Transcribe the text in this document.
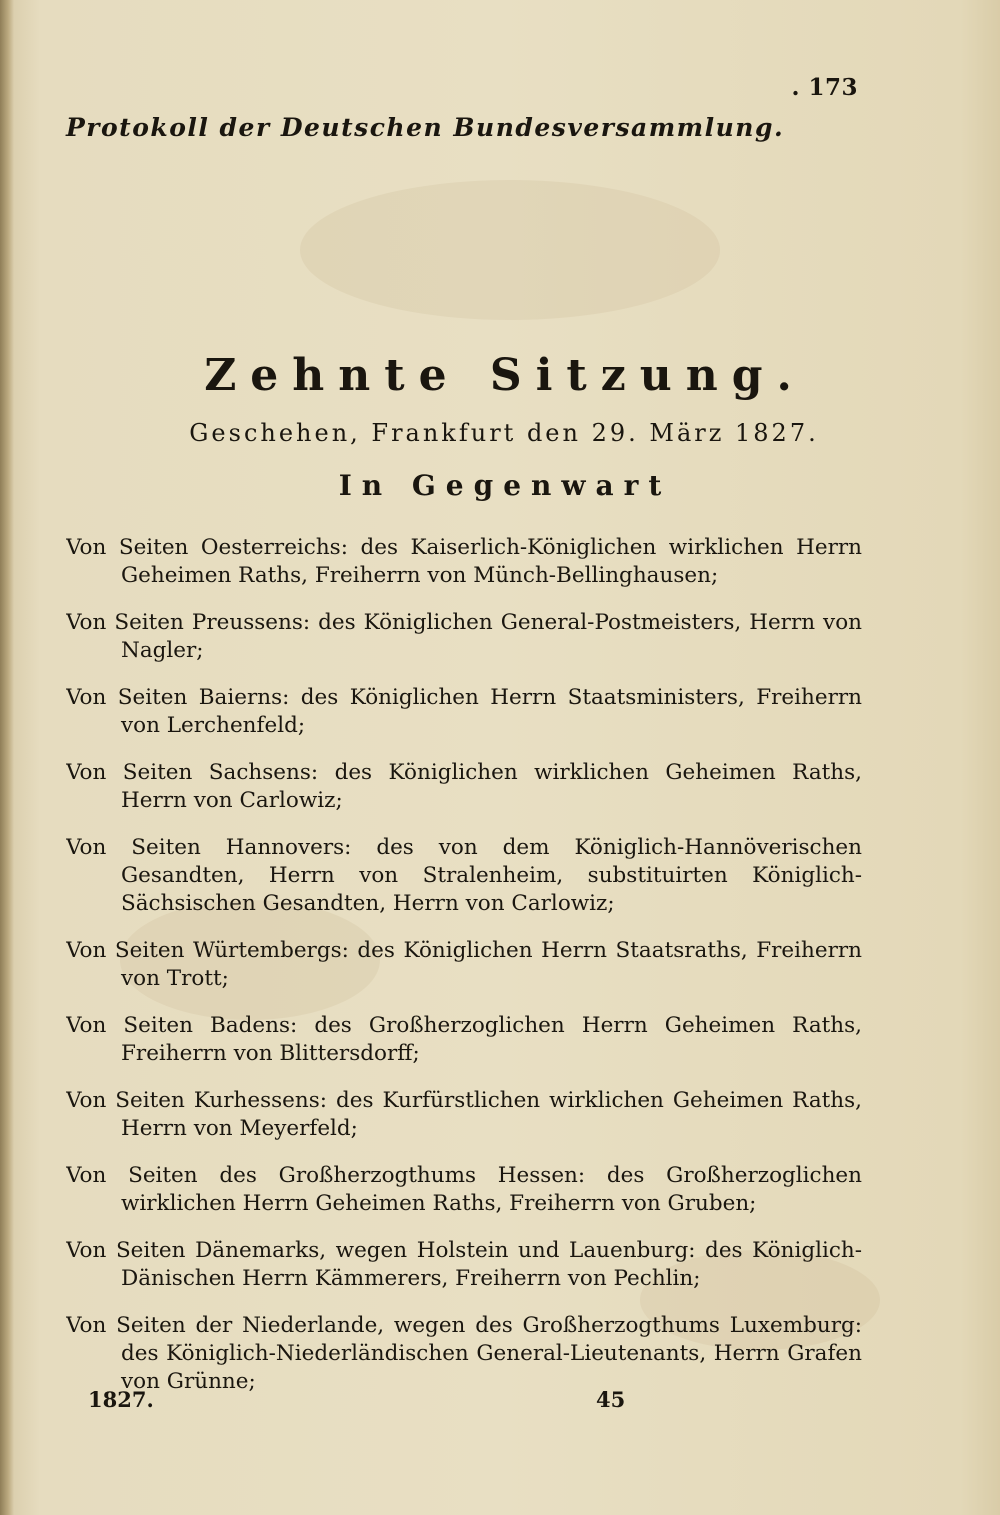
. 173
Protokoll der Deutschen Bundesversammlung.
Zehnte Sitzung.
Geschehen, Frankfurt den 29. März 1827.
In Gegenwart
Von Seiten Oesterreichs: des Kaiserlich-Königlichen wirklichen Herrn Geheimen Raths, Freiherrn von Münch-Bellinghausen;
Von Seiten Preussens: des Königlichen General-Postmeisters, Herrn von Nagler;
Von Seiten Baierns: des Königlichen Herrn Staatsministers, Freiherrn von Lerchenfeld;
Von Seiten Sachsens: des Königlichen wirklichen Geheimen Raths, Herrn von Carlowiz;
Von Seiten Hannovers: des von dem Königlich-Hannöverischen Gesandten, Herrn von Stralenheim, substituirten Königlich-Sächsischen Gesandten, Herrn von Carlowiz;
Von Seiten Würtembergs: des Königlichen Herrn Staatsraths, Freiherrn von Trott;
Von Seiten Badens: des Großherzoglichen Herrn Geheimen Raths, Freiherrn von Blittersdorff;
Von Seiten Kurhessens: des Kurfürstlichen wirklichen Geheimen Raths, Herrn von Meyerfeld;
Von Seiten des Großherzogthums Hessen: des Großherzoglichen wirklichen Herrn Geheimen Raths, Freiherrn von Gruben;
Von Seiten Dänemarks, wegen Holstein und Lauenburg: des Königlich-Dänischen Herrn Kämmerers, Freiherrn von Pechlin;
Von Seiten der Niederlande, wegen des Großherzogthums Luxemburg: des Königlich-Niederländischen General-Lieutenants, Herrn Grafen von Grünne;
1827.	45
